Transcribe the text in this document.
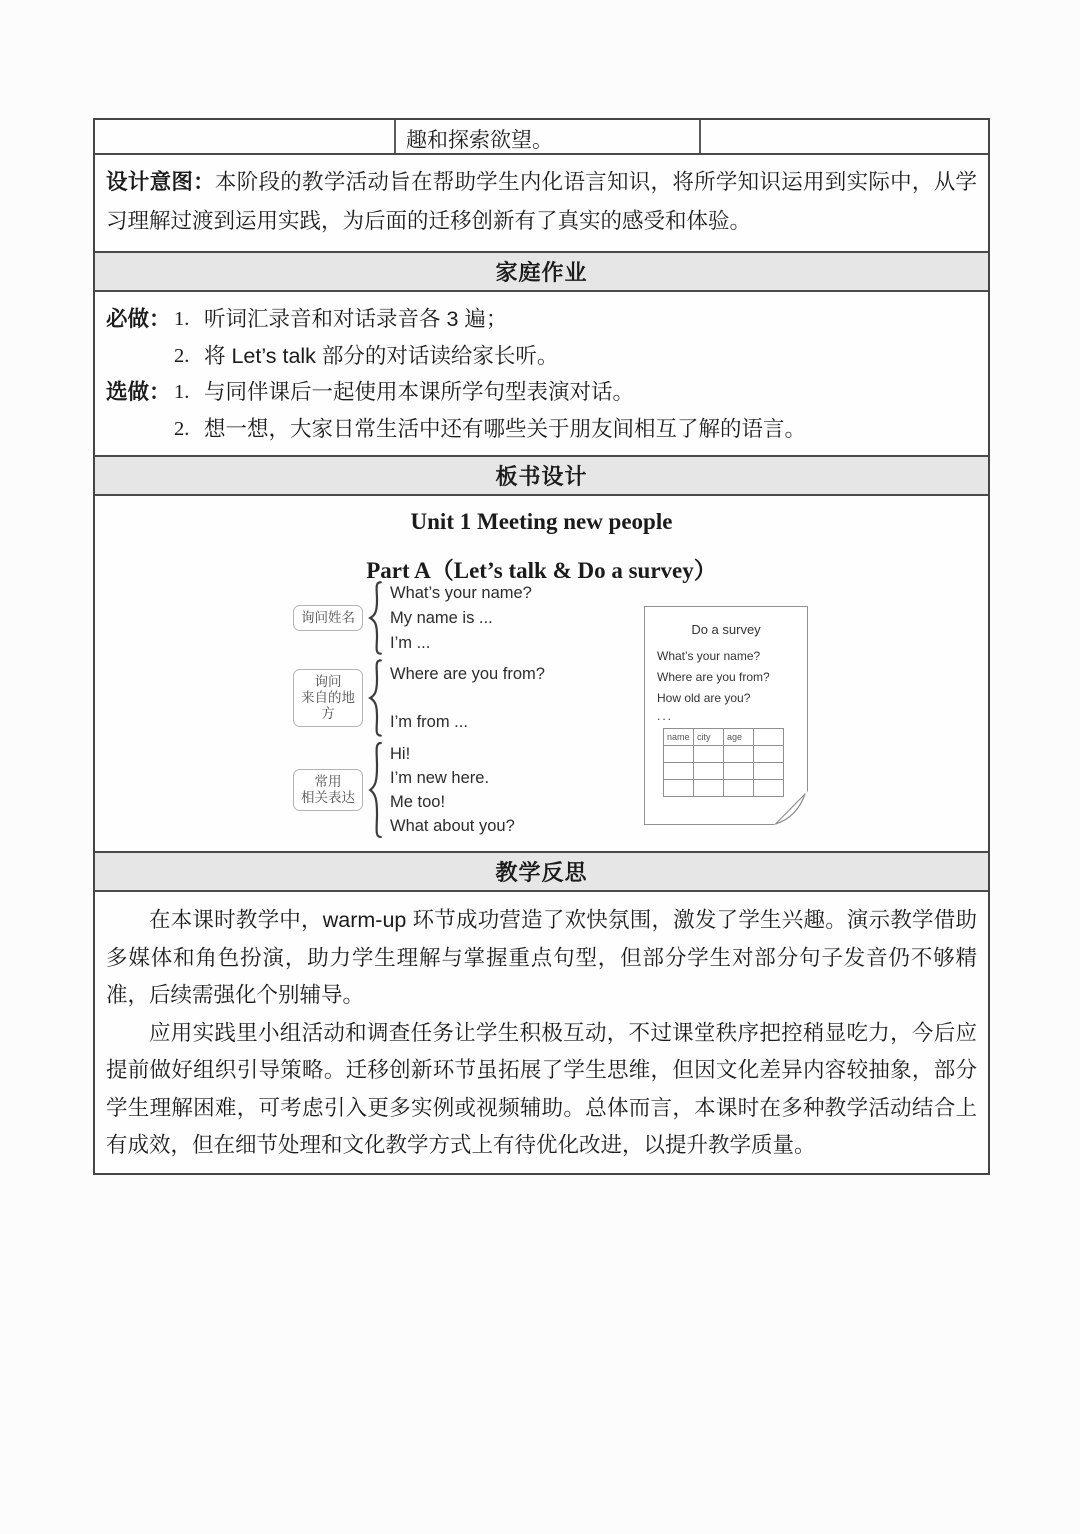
趣和探索欲望。
设计意图：本阶段的教学活动旨在帮助学生内化语言知识，将所学知识运用到实际中，从学习理解过渡到运用实践，为后面的迁移创新有了真实的感受和体验。
家庭作业
必做： 1. 听词汇录音和对话录音各 3 遍；
2. 将 Let’s talk 部分的对话读给家长听。
选做： 1. 与同伴课后一起使用本课所学句型表演对话。
2. 想一想，大家日常生活中还有哪些关于朋友间相互了解的语言。
板书设计
Unit 1 Meeting new people
Part A（Let’s talk & Do a survey）
询问姓名
What’s your name?
My name is ...
I’m ...
询问
来自的地方
Where are you from?
I’m from ...
常用
相关表达
Hi!
I’m new here.
Me too!
What about you?
Do a survey
What’s your name?
Where are you from?
How old are you?
...
name	city	age	

教学反思

在本课时教学中，warm-up 环节成功营造了欢快氛围，激发了学生兴趣。演示教学借助多媒体和角色扮演，助力学生理解与掌握重点句型，但部分学生对部分句子发音仍不够精准，后续需强化个别辅导。

应用实践里小组活动和调查任务让学生积极互动，不过课堂秩序把控稍显吃力，今后应提前做好组织引导策略。迁移创新环节虽拓展了学生思维，但因文化差异内容较抽象，部分学生理解困难，可考虑引入更多实例或视频辅助。总体而言，本课时在多种教学活动结合上有成效，但在细节处理和文化教学方式上有待优化改进，以提升教学质量。
